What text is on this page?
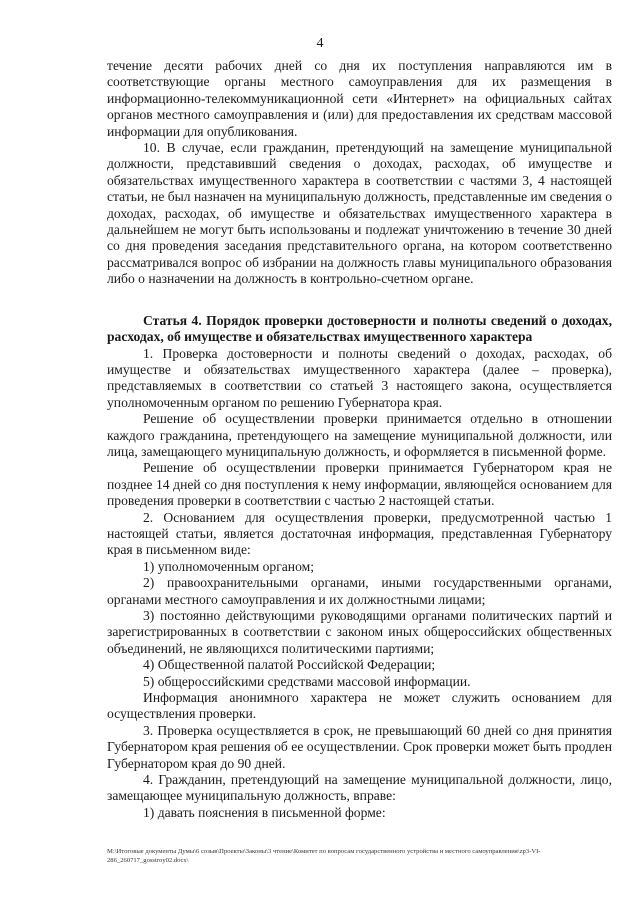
4

течение десяти рабочих дней со дня их поступления направляются им в соответствующие органы местного самоуправления для их размещения в информационно-телекоммуникационной сети «Интернет» на официальных сайтах органов местного самоуправления и (или) для предоставления их средствам массовой информации для опубликования.

10. В случае, если гражданин, претендующий на замещение муниципальной должности, представивший сведения о доходах, расходах, об имуществе и обязательствах имущественного характера в соответствии с частями 3, 4 настоящей статьи, не был назначен на муниципальную должность, представленные им сведения о доходах, расходах, об имуществе и обязательствах имущественного характера в дальнейшем не могут быть использованы и подлежат уничтожению в течение 30 дней со дня проведения заседания представительного органа, на котором соответственно рассматривался вопрос об избрании на должность главы муниципального образования либо о назначении на должность в контрольно-счетном органе.

Статья 4. Порядок проверки достоверности и полноты сведений о доходах, расходах, об имуществе и обязательствах имущественного характера

1. Проверка достоверности и полноты сведений о доходах, расходах, об имуществе и обязательствах имущественного характера (далее – проверка), представляемых в соответствии со статьей 3 настоящего закона, осуществляется уполномоченным органом по решению Губернатора края.

Решение об осуществлении проверки принимается отдельно в отношении каждого гражданина, претендующего на замещение муниципальной должности, или лица, замещающего муниципальную должность, и оформляется в письменной форме.

Решение об осуществлении проверки принимается Губернатором края не позднее 14 дней со дня поступления к нему информации, являющейся основанием для проведения проверки в соответствии с частью 2 настоящей статьи.

2. Основанием для осуществления проверки, предусмотренной частью 1 настоящей статьи, является достаточная информация, представленная Губернатору края в письменном виде:

1) уполномоченным органом;

2) правоохранительными органами, иными государственными органами, органами местного самоуправления и их должностными лицами;

3) постоянно действующими руководящими органами политических партий и зарегистрированных в соответствии с законом иных общероссийских общественных объединений, не являющихся политическими партиями;

4) Общественной палатой Российской Федерации;

5) общероссийскими средствами массовой информации.

Информация анонимного характера не может служить основанием для осуществления проверки.

3. Проверка осуществляется в срок, не превышающий 60 дней со дня принятия Губернатором края решения об ее осуществлении. Срок проверки может быть продлен Губернатором края до 90 дней.

4. Гражданин, претендующий на замещение муниципальной должности, лицо, замещающее муниципальную должность, вправе:

1) давать пояснения в письменной форме:

M:\Итоговые документы Думы\6 созыв\Проекты\Законы\3 чтение\Комитет по вопросам государственного устройства и местного самоуправления\zp3-VI-286_260717_gosstroy02.docx\
